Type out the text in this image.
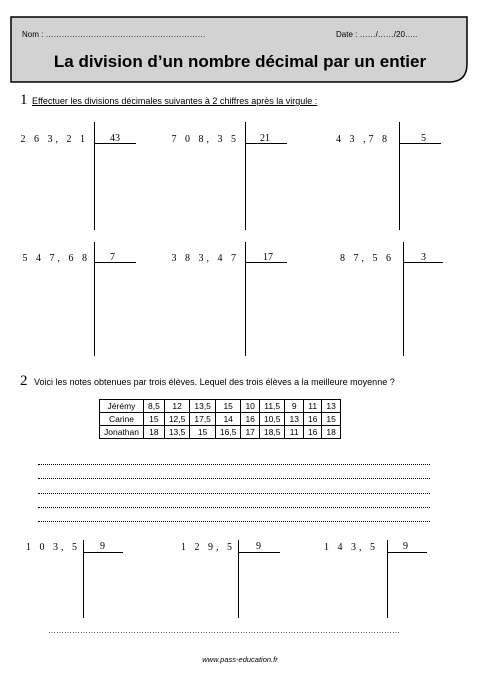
Nom : ……………………………………………………	Date : ……/……/20…..
La division d’un nombre décimal par un entier
1 Effectuer les divisions décimales suivantes à 2 chiffres après la virgule :
2 6 3, 2 1 43	7 0 8, 3 5 21	4 3 ,7 8	5
5 4 7, 6 8 7	3 8 3, 4 7 17	8 7, 5 6	3
2 Voici les notes obtenues par trois élèves. Lequel des trois élèves a la meilleure moyenne ?
Jérémy	8,5	12	13,5	15	10	11,5	9	11	13
Carine	15	12,5	17,5	14	16	10,5	13	16	15
Jonathan	18	13,5	15	16,5	17	18,5	11	16	18
1 0 3, 5 9	1 2 9, 5 9	1 4 3, 5	9
……………………………………………………………………………………………………………………
www.pass-education.fr
